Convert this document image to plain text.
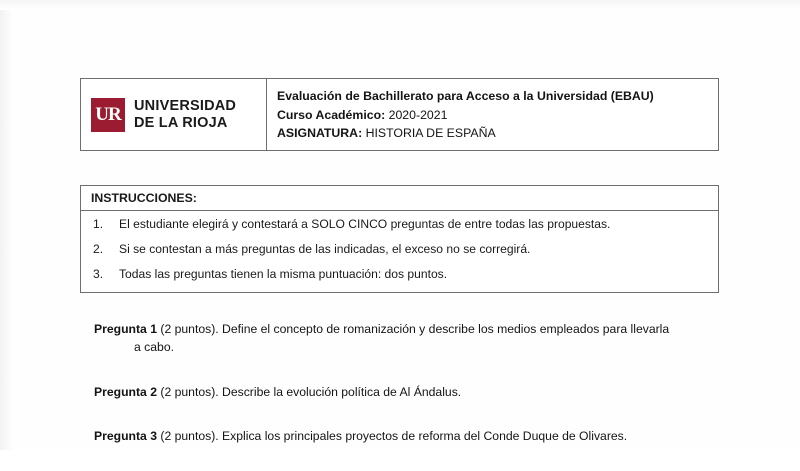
UR UNIVERSIDAD
DE LA RIOJA
Evaluación de Bachillerato para Acceso a la Universidad (EBAU)
Curso Académico: 2020-2021
ASIGNATURA: HISTORIA DE ESPAÑA
INSTRUCCIONES:
1.	El estudiante elegirá y contestará a SOLO CINCO preguntas de entre todas las propuestas.
2.	Si se contestan a más preguntas de las indicadas, el exceso no se corregirá.
3.	Todas las preguntas tienen la misma puntuación: dos puntos.
Pregunta 1 (2 puntos). Define el concepto de romanización y describe los medios empleados para llevarla
a cabo.
Pregunta 2 (2 puntos). Describe la evolución política de Al Ándalus.
Pregunta 3 (2 puntos). Explica los principales proyectos de reforma del Conde Duque de Olivares.
